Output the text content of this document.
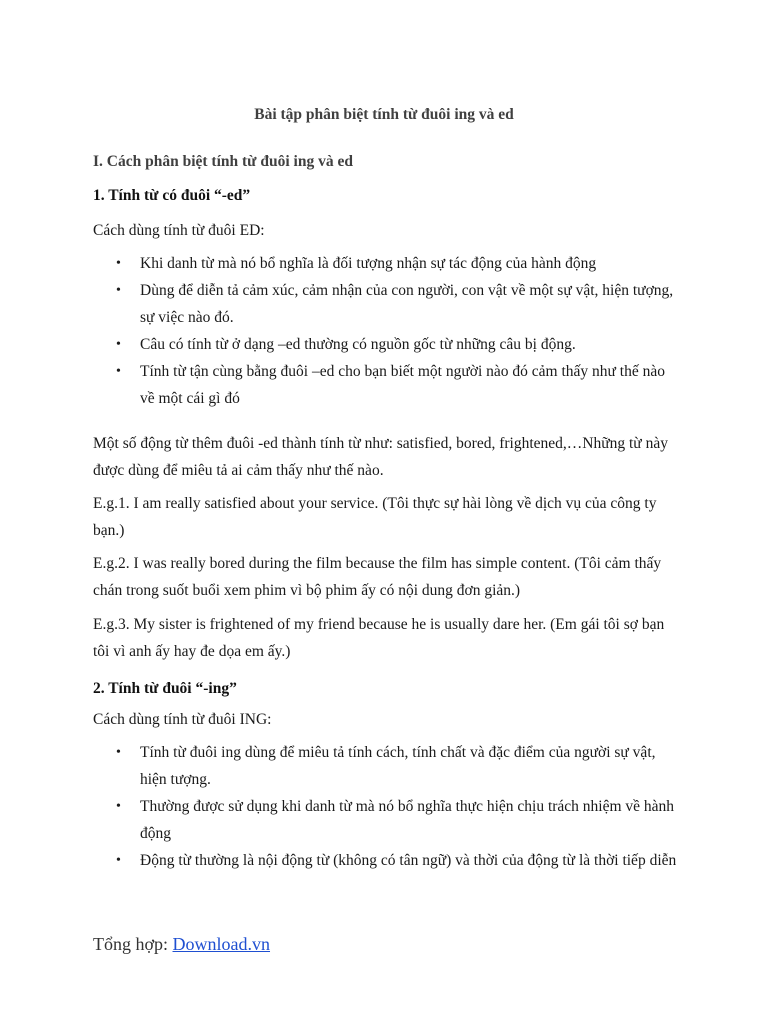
Bài tập phân biệt tính từ đuôi ing và ed
I. Cách phân biệt tính từ đuôi ing và ed
1. Tính từ có đuôi “-ed”
Cách dùng tính từ đuôi ED:
• Khi danh từ mà nó bổ nghĩa là đối tượng nhận sự tác động của hành động
• Dùng để diễn tả cảm xúc, cảm nhận của con người, con vật về một sự vật, hiện tượng, sự việc nào đó.
• Câu có tính từ ở dạng –ed thường có nguồn gốc từ những câu bị động.
• Tính từ tận cùng bằng đuôi –ed cho bạn biết một người nào đó cảm thấy như thế nào về một cái gì đó
Một số động từ thêm đuôi -ed thành tính từ như: satisfied, bored, frightened,…Những từ này được dùng để miêu tả ai cảm thấy như thế nào.
E.g.1. I am really satisfied about your service. (Tôi thực sự hài lòng về dịch vụ của công ty bạn.)
E.g.2. I was really bored during the film because the film has simple content. (Tôi cảm thấy chán trong suốt buổi xem phim vì bộ phim ấy có nội dung đơn giản.)
E.g.3. My sister is frightened of my friend because he is usually dare her. (Em gái tôi sợ bạn tôi vì anh ấy hay đe dọa em ấy.)
2. Tính từ đuôi “-ing”
Cách dùng tính từ đuôi ING:
• Tính từ đuôi ing dùng để miêu tả tính cách, tính chất và đặc điểm của người sự vật, hiện tượng.
• Thường được sử dụng khi danh từ mà nó bổ nghĩa thực hiện chịu trách nhiệm về hành động
• Động từ thường là nội động từ (không có tân ngữ) và thời của động từ là thời tiếp diễn
Tổng hợp: Download.vn
